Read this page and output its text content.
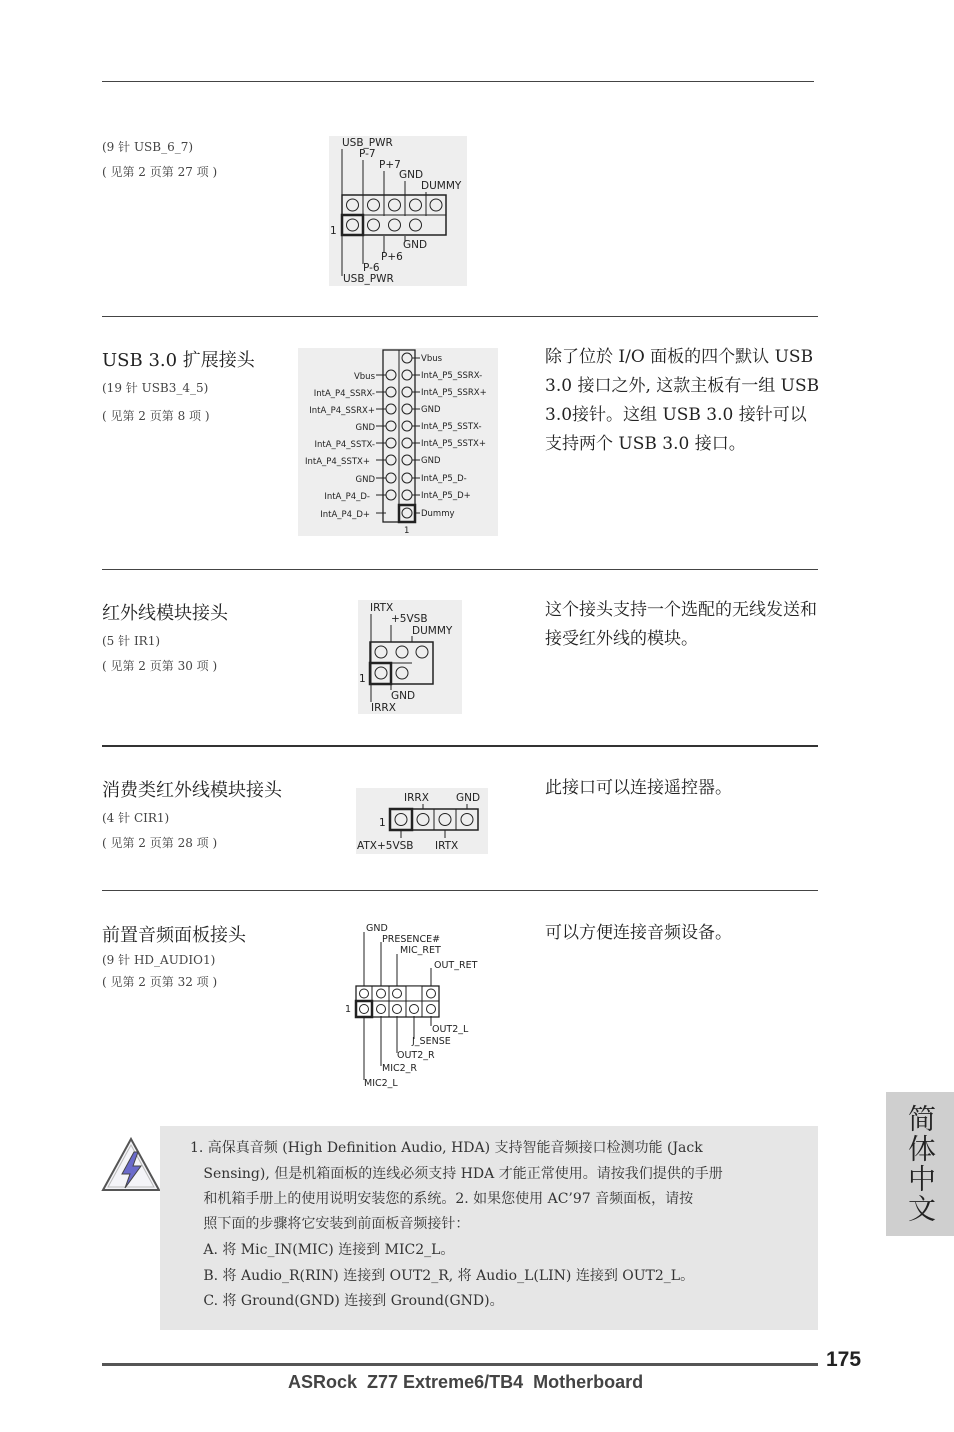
(9 针 USB_6_7)
( 见第 2 页第 27 项 )
USB_PWR
P-7
P+7
GND
DUMMY
GND
P+6
P-6
USB_PWR
1
USB 3.0 扩展接头
(19 针 USB3_4_5)
( 见第 2 页第 8 项 )
Vbus
IntA_P4_SSRX-
IntA_P4_SSRX+
GND
IntA_P4_SSTX-
IntA_P4_SSTX+
GND
IntA_P4_D-
IntA_P4_D+
Vbus
IntA_P5_SSRX-
IntA_P5_SSRX+
GND
IntA_P5_SSTX-
IntA_P5_SSTX+
GND
IntA_P5_D-
IntA_P5_D+
Dummy
1
除了位於 I/O 面板的四个默认 USB 3.0 接口之外, 这款主板有一组 USB 3.0接针。这组 USB 3.0 接针可以支持两个 USB 3.0 接口。
红外线模块接头
(5 针 IR1)
( 见第 2 页第 30 项 )
IRTX
+5VSB
DUMMY
GND
IRRX
1
这个接头支持一个选配的无线发送和接受红外线的模块。
消费类红外线模块接头
(4 针 CIR1)
( 见第 2 页第 28 项 )
IRRX	GND
ATX+5VSB IRTX
1
此接口可以连接遥控器。
前置音频面板接头
(9 针 HD_AUDIO1)
( 见第 2 页第 32 项 )
GND
PRESENCE#
MIC_RET
OUT_RET
OUT2_L
J_SENSE
OUT2_R
MIC2_R
MIC2_L
1
可以方便连接音频设备。
1. 高保真音频 (High Definition Audio, HDA) 支持智能音频接口检测功能 (Jack
Sensing), 但是机箱面板的连线必须支持 HDA 才能正常使用。请按我们提供的手册
和机箱手册上的使用说明安装您的系统。2. 如果您使用 AC’97 音频面板，请按
照下面的步骤将它安装到前面板音频接针：
A. 将 Mic_IN(MIC) 连接到 MIC2_L。
B. 将 Audio_R(RIN) 连接到 OUT2_R, 将 Audio_L(LIN) 连接到 OUT2_L。
C. 将 Ground(GND) 连接到 Ground(GND)。
简体中文
175
ASRock  Z77 Extreme6/TB4  Motherboard
